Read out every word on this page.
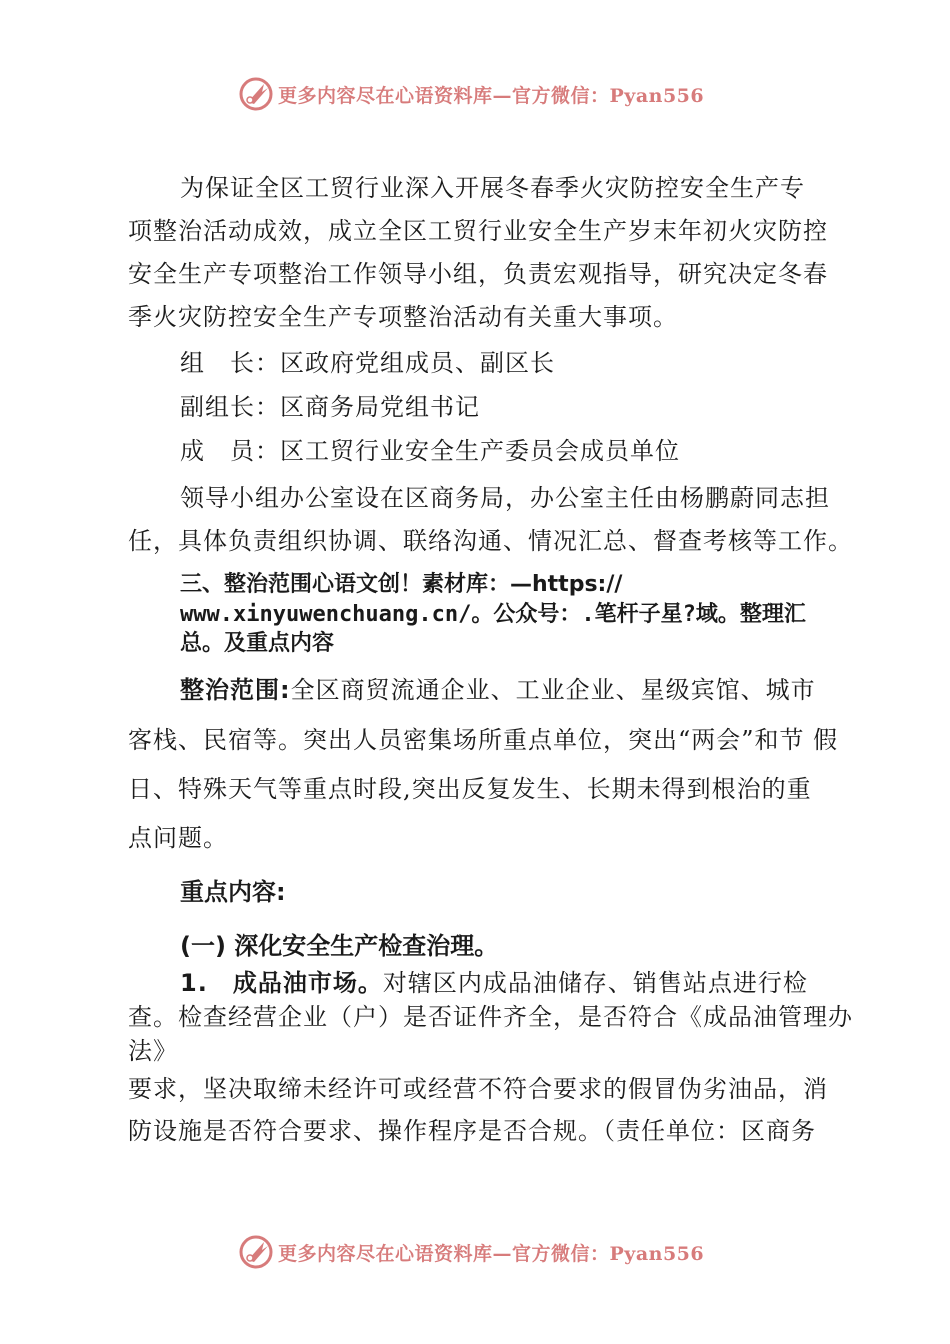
更多内容尽在心语资料库—官方微信：Pyan556
为保证全区工贸行业深入开展冬春季火灾防控安全生产专
项整治活动成效，成立全区工贸行业安全生产岁末年初火灾防控
安全生产专项整治工作领导小组，负责宏观指导，研究决定冬春
季火灾防控安全生产专项整治活动有关重大事项。
组　长：区政府党组成员、副区长
副组长：区商务局党组书记
成　员：区工贸行业安全生产委员会成员单位
领导小组办公室设在区商务局，办公室主任由杨鹏蔚同志担
任，具体负责组织协调、联络沟通、情况汇总、督查考核等工作。
三、整治范围心语文创！素材库：—https://
www.xinyuwenchuang.cn/。公众号：.笔杆子星?域。整理汇
总。及重点内容
整治范围:全区商贸流通企业、工业企业、星级宾馆、城市
客栈、民宿等。突出人员密集场所重点单位，突出“两会”和节 假
日、特殊天气等重点时段,突出反复发生、长期未得到根治的重
点问题。
重点内容:
(一) 深化安全生产检查治理。
1.　成品油市场。对辖区内成品油储存、销售站点进行检
查。检查经营企业（户）是否证件齐全，是否符合《成品油管理办
法》
要求，坚决取缔未经许可或经营不符合要求的假冒伪劣油品，消
防设施是否符合要求、操作程序是否合规。（责任单位：区商务
更多内容尽在心语资料库—官方微信：Pyan556
